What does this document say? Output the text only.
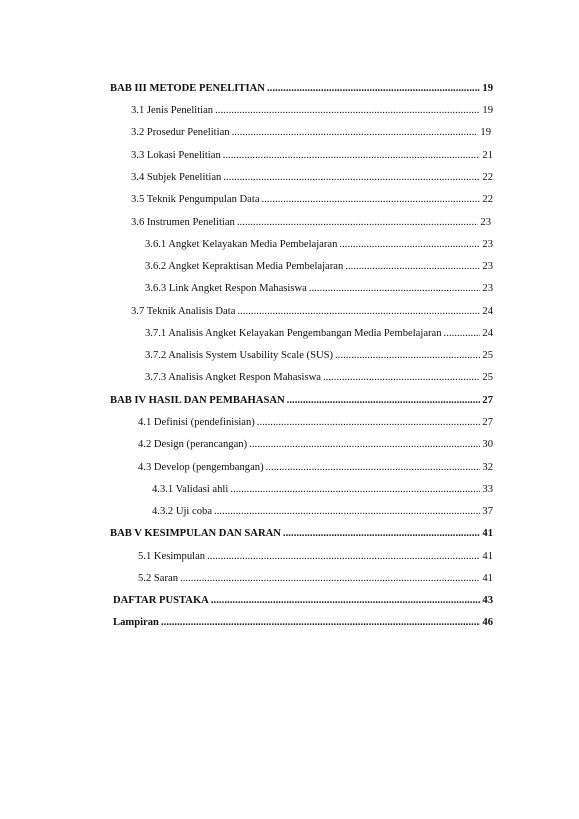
BAB III METODE PENELITIAN . . .	19
3.1 Jenis Penelitian . . .	19
3.2 Prosedur Penelitian . . .	19
3.3 Lokasi Penelitian . . .	21
3.4 Subjek Penelitian . . .	22
3.5 Teknik Pengumpulan Data . . .	22
3.6 Instrumen Penelitian . . .	23
3.6.1 Angket Kelayakan Media Pembelajaran . . .	23
3.6.2 Angket Kepraktisan Media Pembelajaran . . .	23
3.6.3 Link Angket Respon Mahasiswa . . .	23
3.7 Teknik Analisis Data . . .	24
3.7.1 Analisis Angket Kelayakan Pengembangan Media Pembelajaran . . .	24
3.7.2 Analisis System Usability Scale (SUS) . . .	25
3.7.3 Analisis Angket Respon Mahasiswa . . .	25
BAB IV HASIL DAN PEMBAHASAN . . .	27
4.1 Definisi (pendefinisian) . . .	27
4.2 Design (perancangan) . . .	30
4.3 Develop (pengembangan) . . .	32
4.3.1 Validasi ahli . . .	33
4.3.2 Uji coba . . .	37
BAB V KESIMPULAN DAN SARAN . . .	41
5.1 Kesimpulan . . .	41
5.2 Saran . . .	41
DAFTAR PUSTAKA . . .	43
Lampiran . . .	46
